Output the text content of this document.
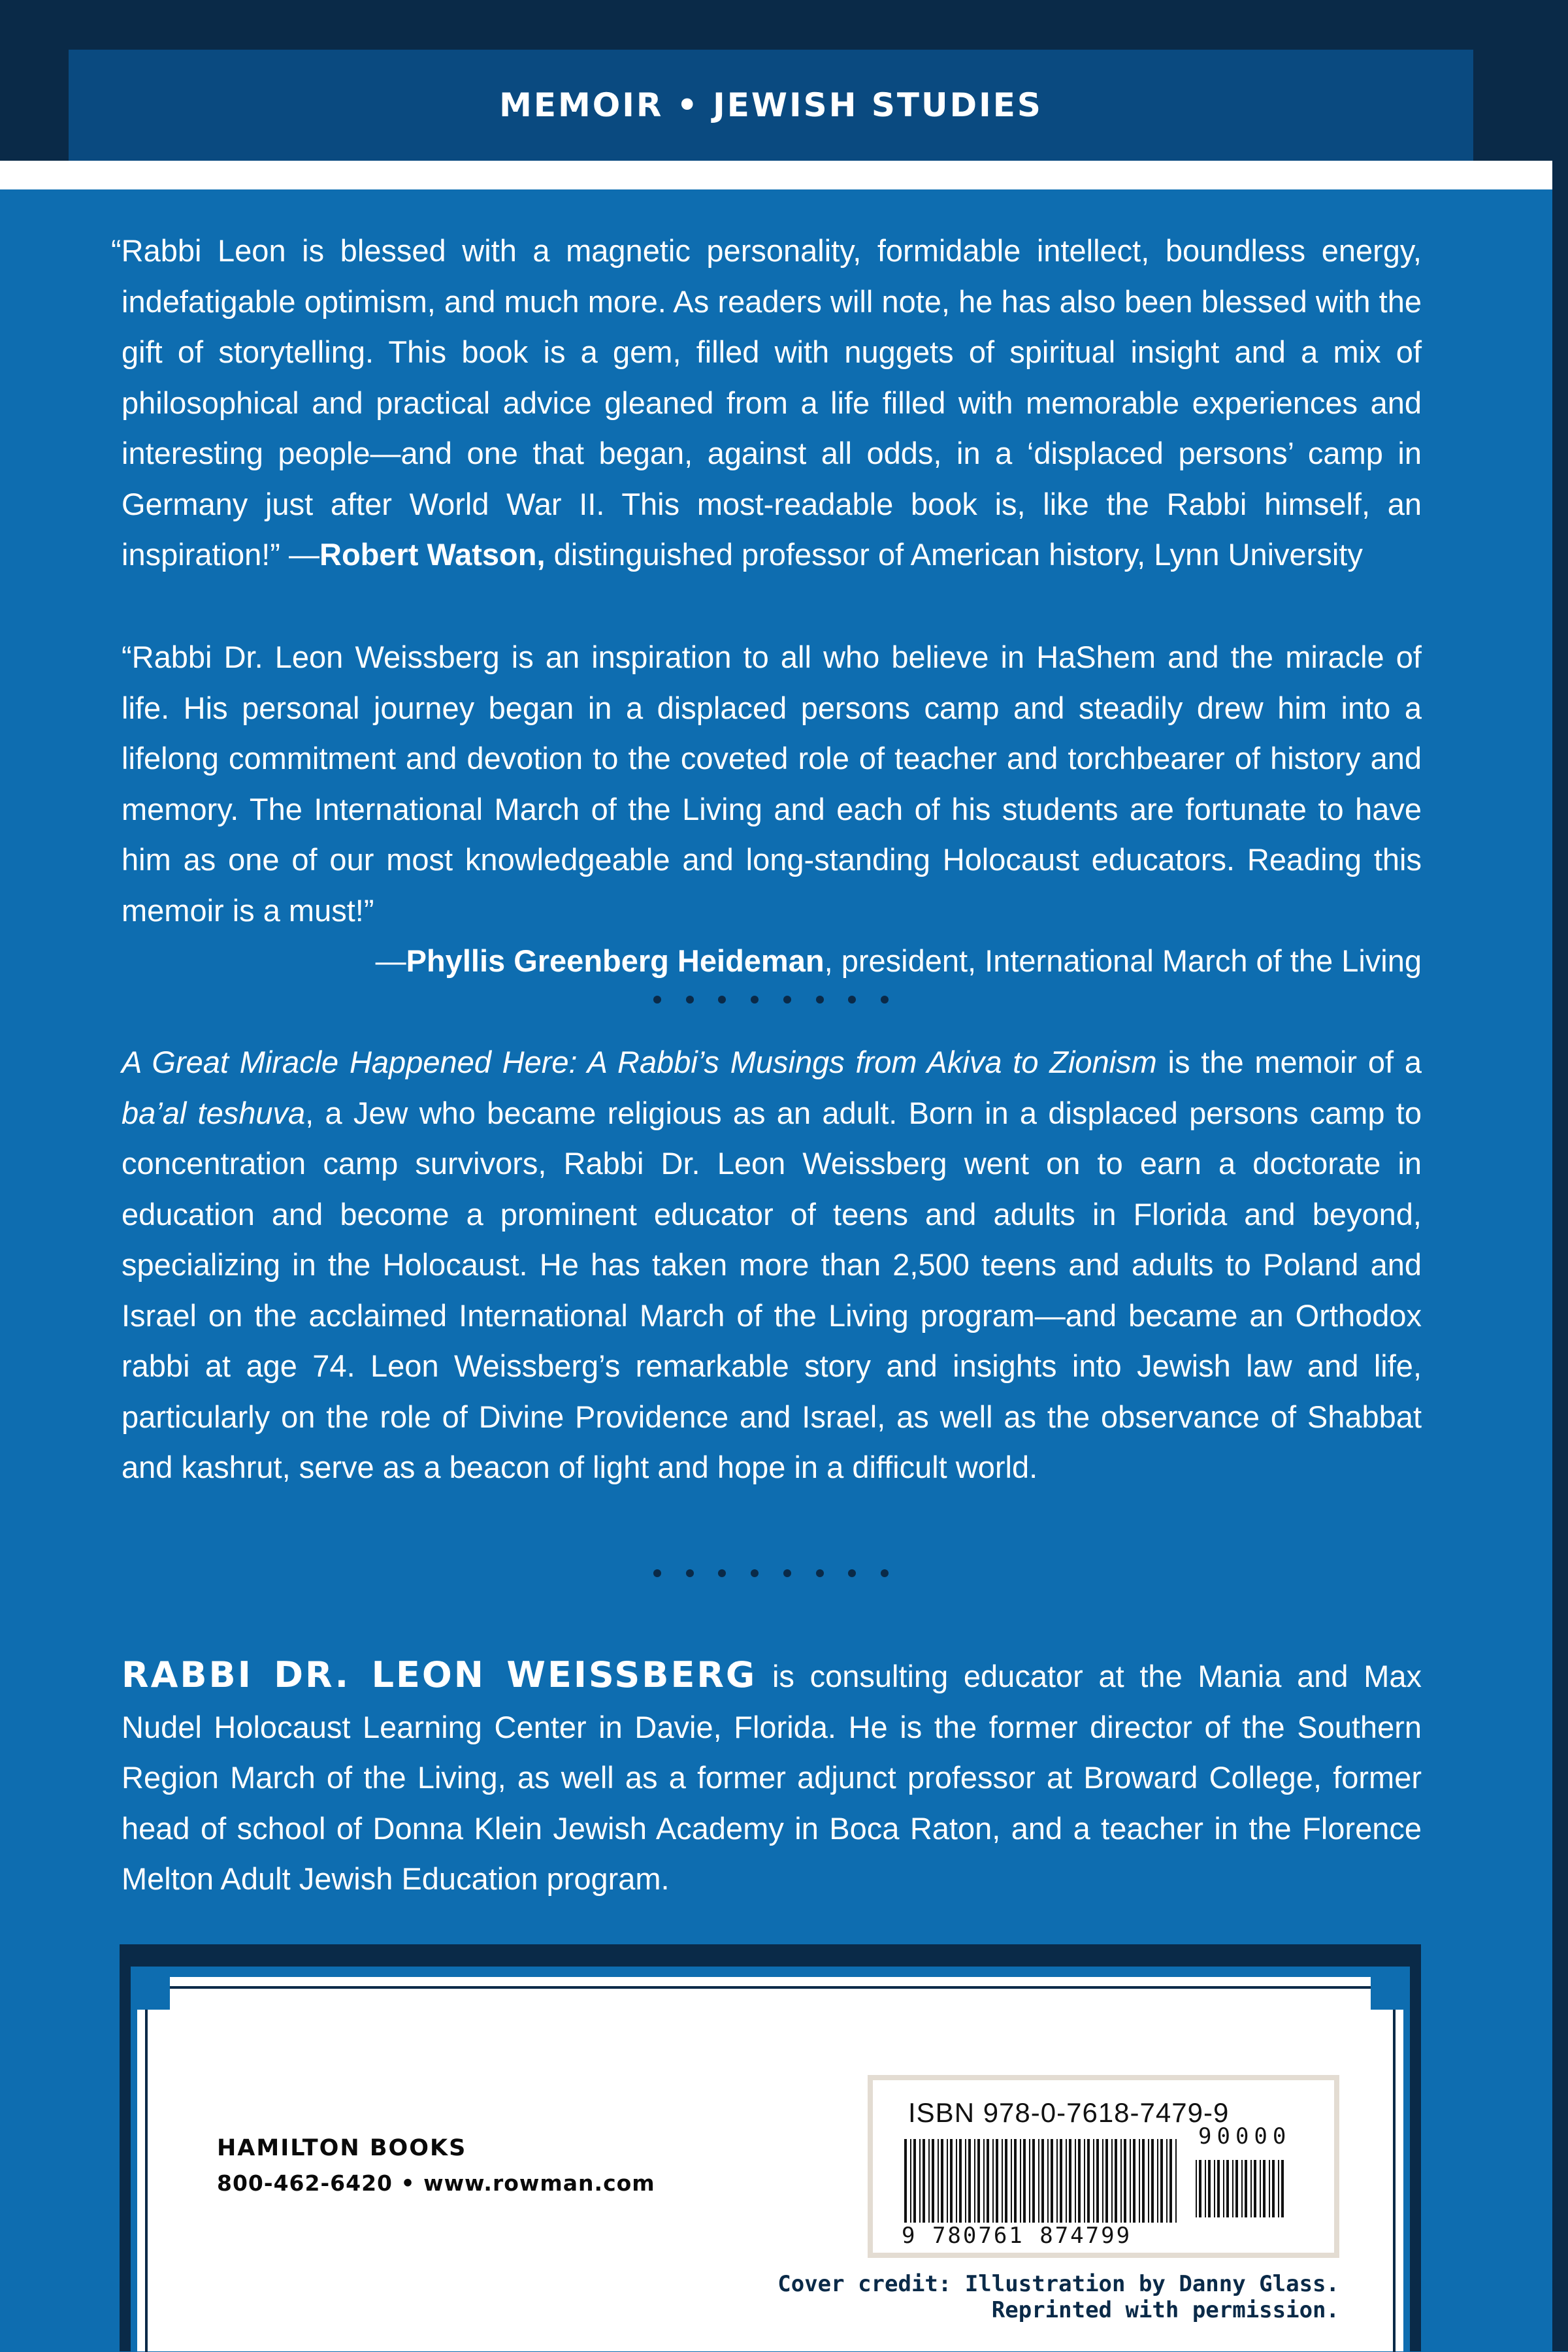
MEMOIR • JEWISH STUDIES
“Rabbi Leon is blessed with a magnetic personality, formidable intellect, boundless energy, indefatigable optimism, and much more. As readers will note, he has also been blessed with the gift of storytelling. This book is a gem, filled with nuggets of spiritual insight and a mix of philosophical and practical advice gleaned from a life filled with memorable experiences and interesting people—and one that began, against all odds, in a ‘displaced persons’ camp in Germany just after World War II. This most-readable book is, like the Rabbi himself, an inspiration!” —Robert Watson, distinguished professor of American history, Lynn University
“Rabbi Dr. Leon Weissberg is an inspiration to all who believe in HaShem and the miracle of life. His personal journey began in a displaced persons camp and steadily drew him into a lifelong commitment and devotion to the coveted role of teacher and torchbearer of history and memory. The International March of the Living and each of his students are fortunate to have him as one of our most knowledgeable and long-standing Holocaust educators. Reading this memoir is a must!”
—Phyllis Greenberg Heideman, president, International March of the Living
A Great Miracle Happened Here: A Rabbi’s Musings from Akiva to Zionism is the memoir of a ba’al teshuva, a Jew who became religious as an adult. Born in a displaced persons camp to concentration camp survivors, Rabbi Dr. Leon Weissberg went on to earn a doctorate in education and become a prominent educator of teens and adults in Florida and beyond, specializing in the Holocaust. He has taken more than 2,500 teens and adults to Poland and Israel on the acclaimed International March of the Living program—and became an Orthodox rabbi at age 74. Leon Weissberg’s remarkable story and insights into Jewish law and life, particularly on the role of Divine Providence and Israel, as well as the observance of Shabbat and kashrut, serve as a beacon of light and hope in a difficult world.
RABBI DR. LEON WEISSBERG is consulting educator at the Mania and Max Nudel Holocaust Learning Center in Davie, Florida. He is the former director of the Southern Region March of the Living, as well as a former adjunct professor at Broward College, former head of school of Donna Klein Jewish Academy in Boca Raton, and a teacher in the Florence Melton Adult Jewish Education program.
HAMILTON BOOKS
800-462-6420 • www.rowman.com
ISBN 978-0-7618-7479-9
90000
9 780761 874799
Cover credit: Illustration by Danny Glass. Reprinted with permission.
